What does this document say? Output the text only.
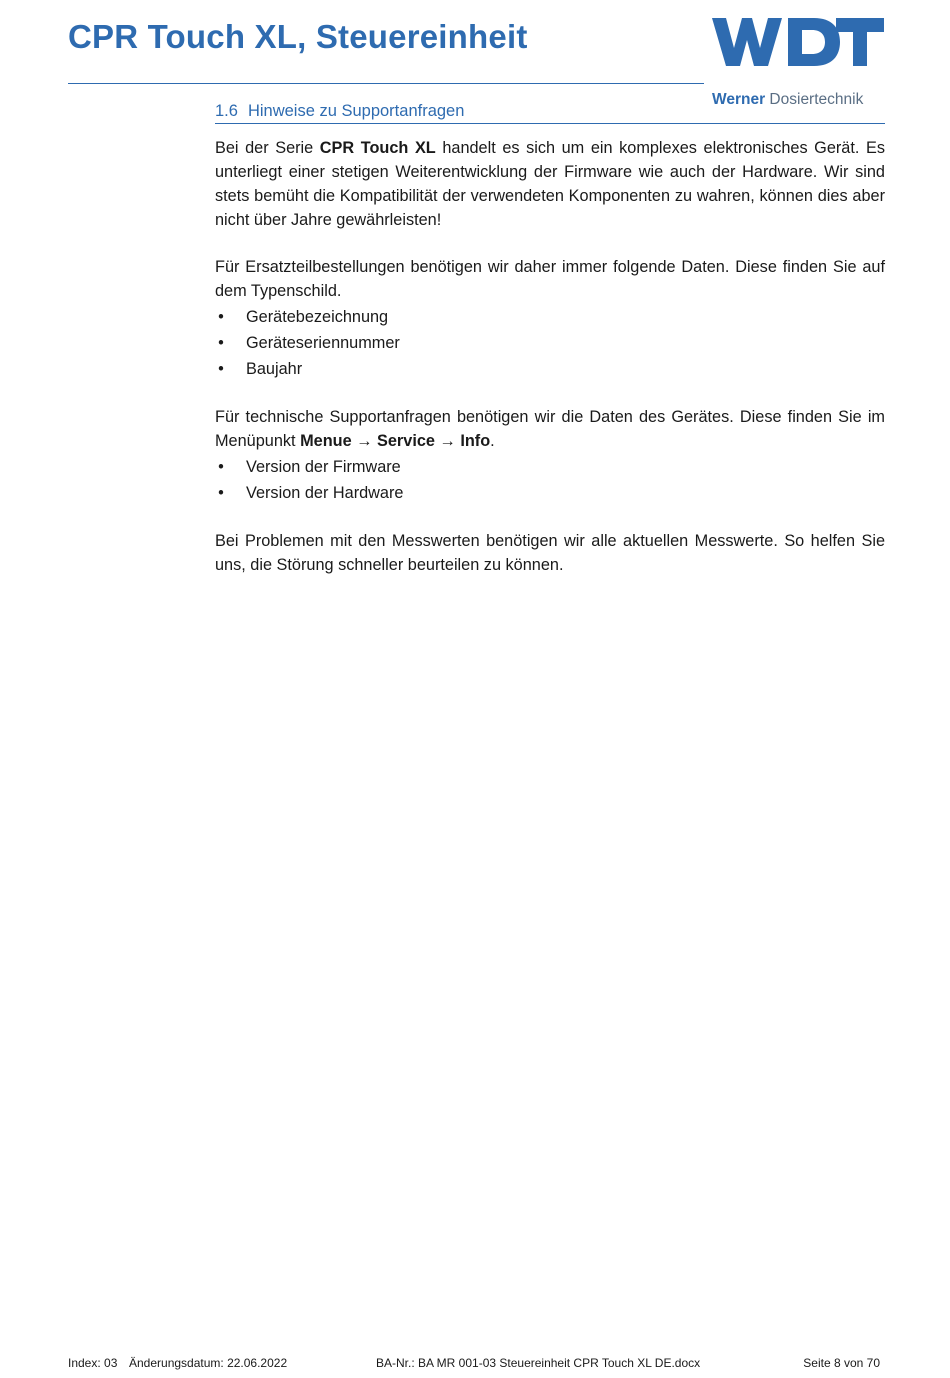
CPR Touch XL, Steuereinheit
Werner Dosiertechnik
1.6 Hinweise zu Supportanfragen

Bei der Serie CPR Touch XL handelt es sich um ein komplexes elektronisches Gerät. Es unterliegt einer stetigen Weiterentwicklung der Firmware wie auch der Hardware. Wir sind stets bemüht die Kompatibilität der verwendeten Komponenten zu wahren, können dies aber nicht über Jahre gewährleisten!

Für Ersatzteilbestellungen benötigen wir daher immer folgende Daten. Diese finden Sie auf dem Typenschild.

• Gerätebezeichnung
• Geräteseriennummer
• Baujahr

Für technische Supportanfragen benötigen wir die Daten des Gerätes. Diese finden Sie im Menüpunkt Menue → Service → Info.

• Version der Firmware
• Version der Hardware

Bei Problemen mit den Messwerten benötigen wir alle aktuellen Messwerte. So helfen Sie uns, die Störung schneller beurteilen zu können.

Index: 03 Änderungsdatum: 22.06.2022	BA-Nr.: BA MR 001-03 Steuereinheit CPR Touch XL DE.docx	Seite 8 von 70
